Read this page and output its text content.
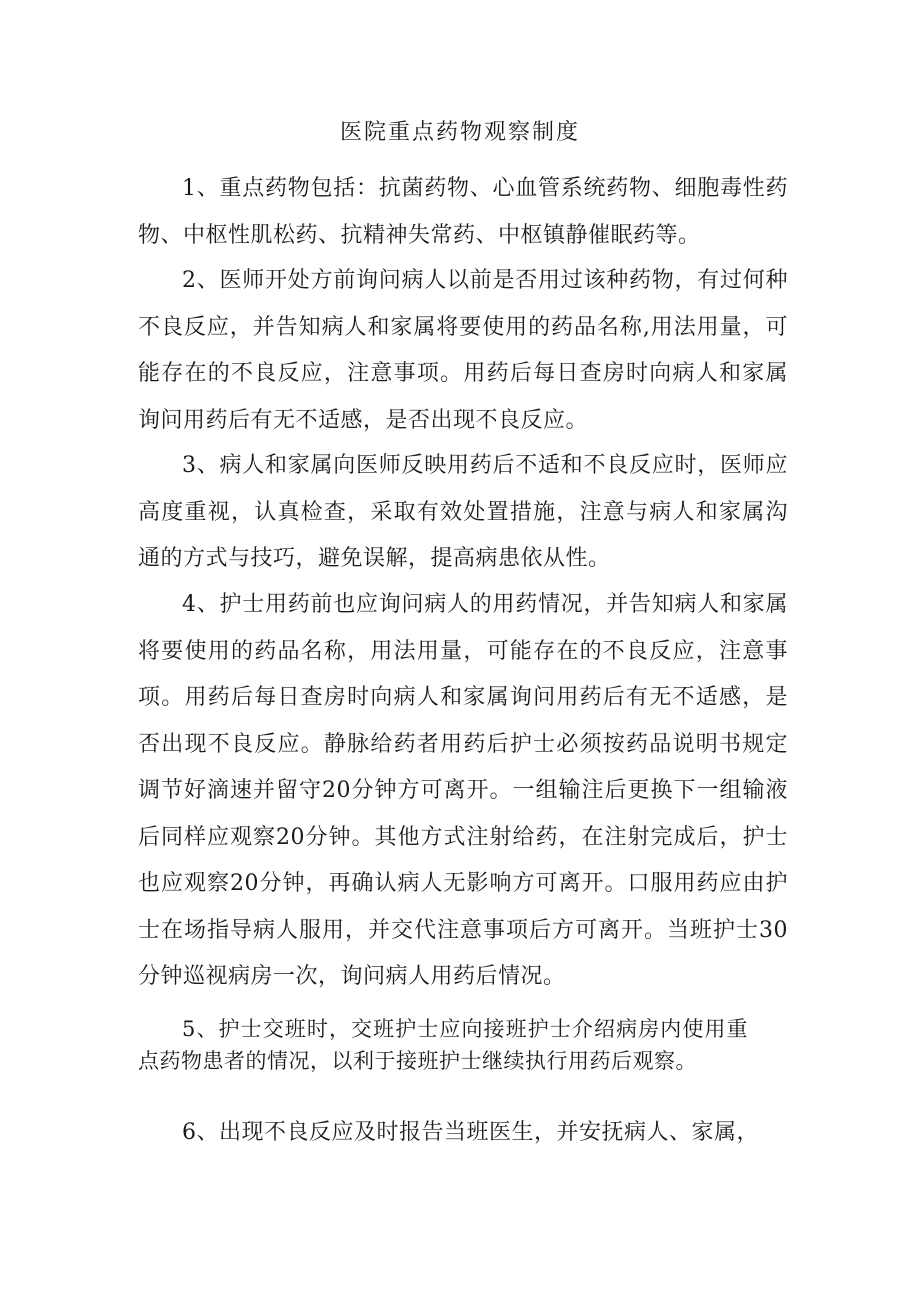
医院重点药物观察制度

1、重点药物包括：抗菌药物、心血管系统药物、细胞毒性药物、中枢性肌松药、抗精神失常药、中枢镇静催眠药等。

2、医师开处方前询问病人以前是否用过该种药物，有过何种不良反应，并告知病人和家属将要使用的药品名称,用法用量，可能存在的不良反应，注意事项。用药后每日查房时向病人和家属询问用药后有无不适感，是否出现不良反应。

3、病人和家属向医师反映用药后不适和不良反应时，医师应高度重视，认真检查，采取有效处置措施，注意与病人和家属沟通的方式与技巧，避免误解，提高病患依从性。

4、护士用药前也应询问病人的用药情况，并告知病人和家属将要使用的药品名称，用法用量，可能存在的不良反应，注意事项。用药后每日查房时向病人和家属询问用药后有无不适感，是否出现不良反应。静脉给药者用药后护士必须按药品说明书规定调节好滴速并留守20分钟方可离开。一组输注后更换下一组输液后同样应观察20分钟。其他方式注射给药，在注射完成后，护士也应观察20分钟，再确认病人无影响方可离开。口服用药应由护士在场指导病人服用，并交代注意事项后方可离开。当班护士30分钟巡视病房一次，询问病人用药后情况。

5、护士交班时，交班护士应向接班护士介绍病房内使用重点药物患者的情况，以利于接班护士继续执行用药后观察。

6、出现不良反应及时报告当班医生，并安抚病人、家属，
